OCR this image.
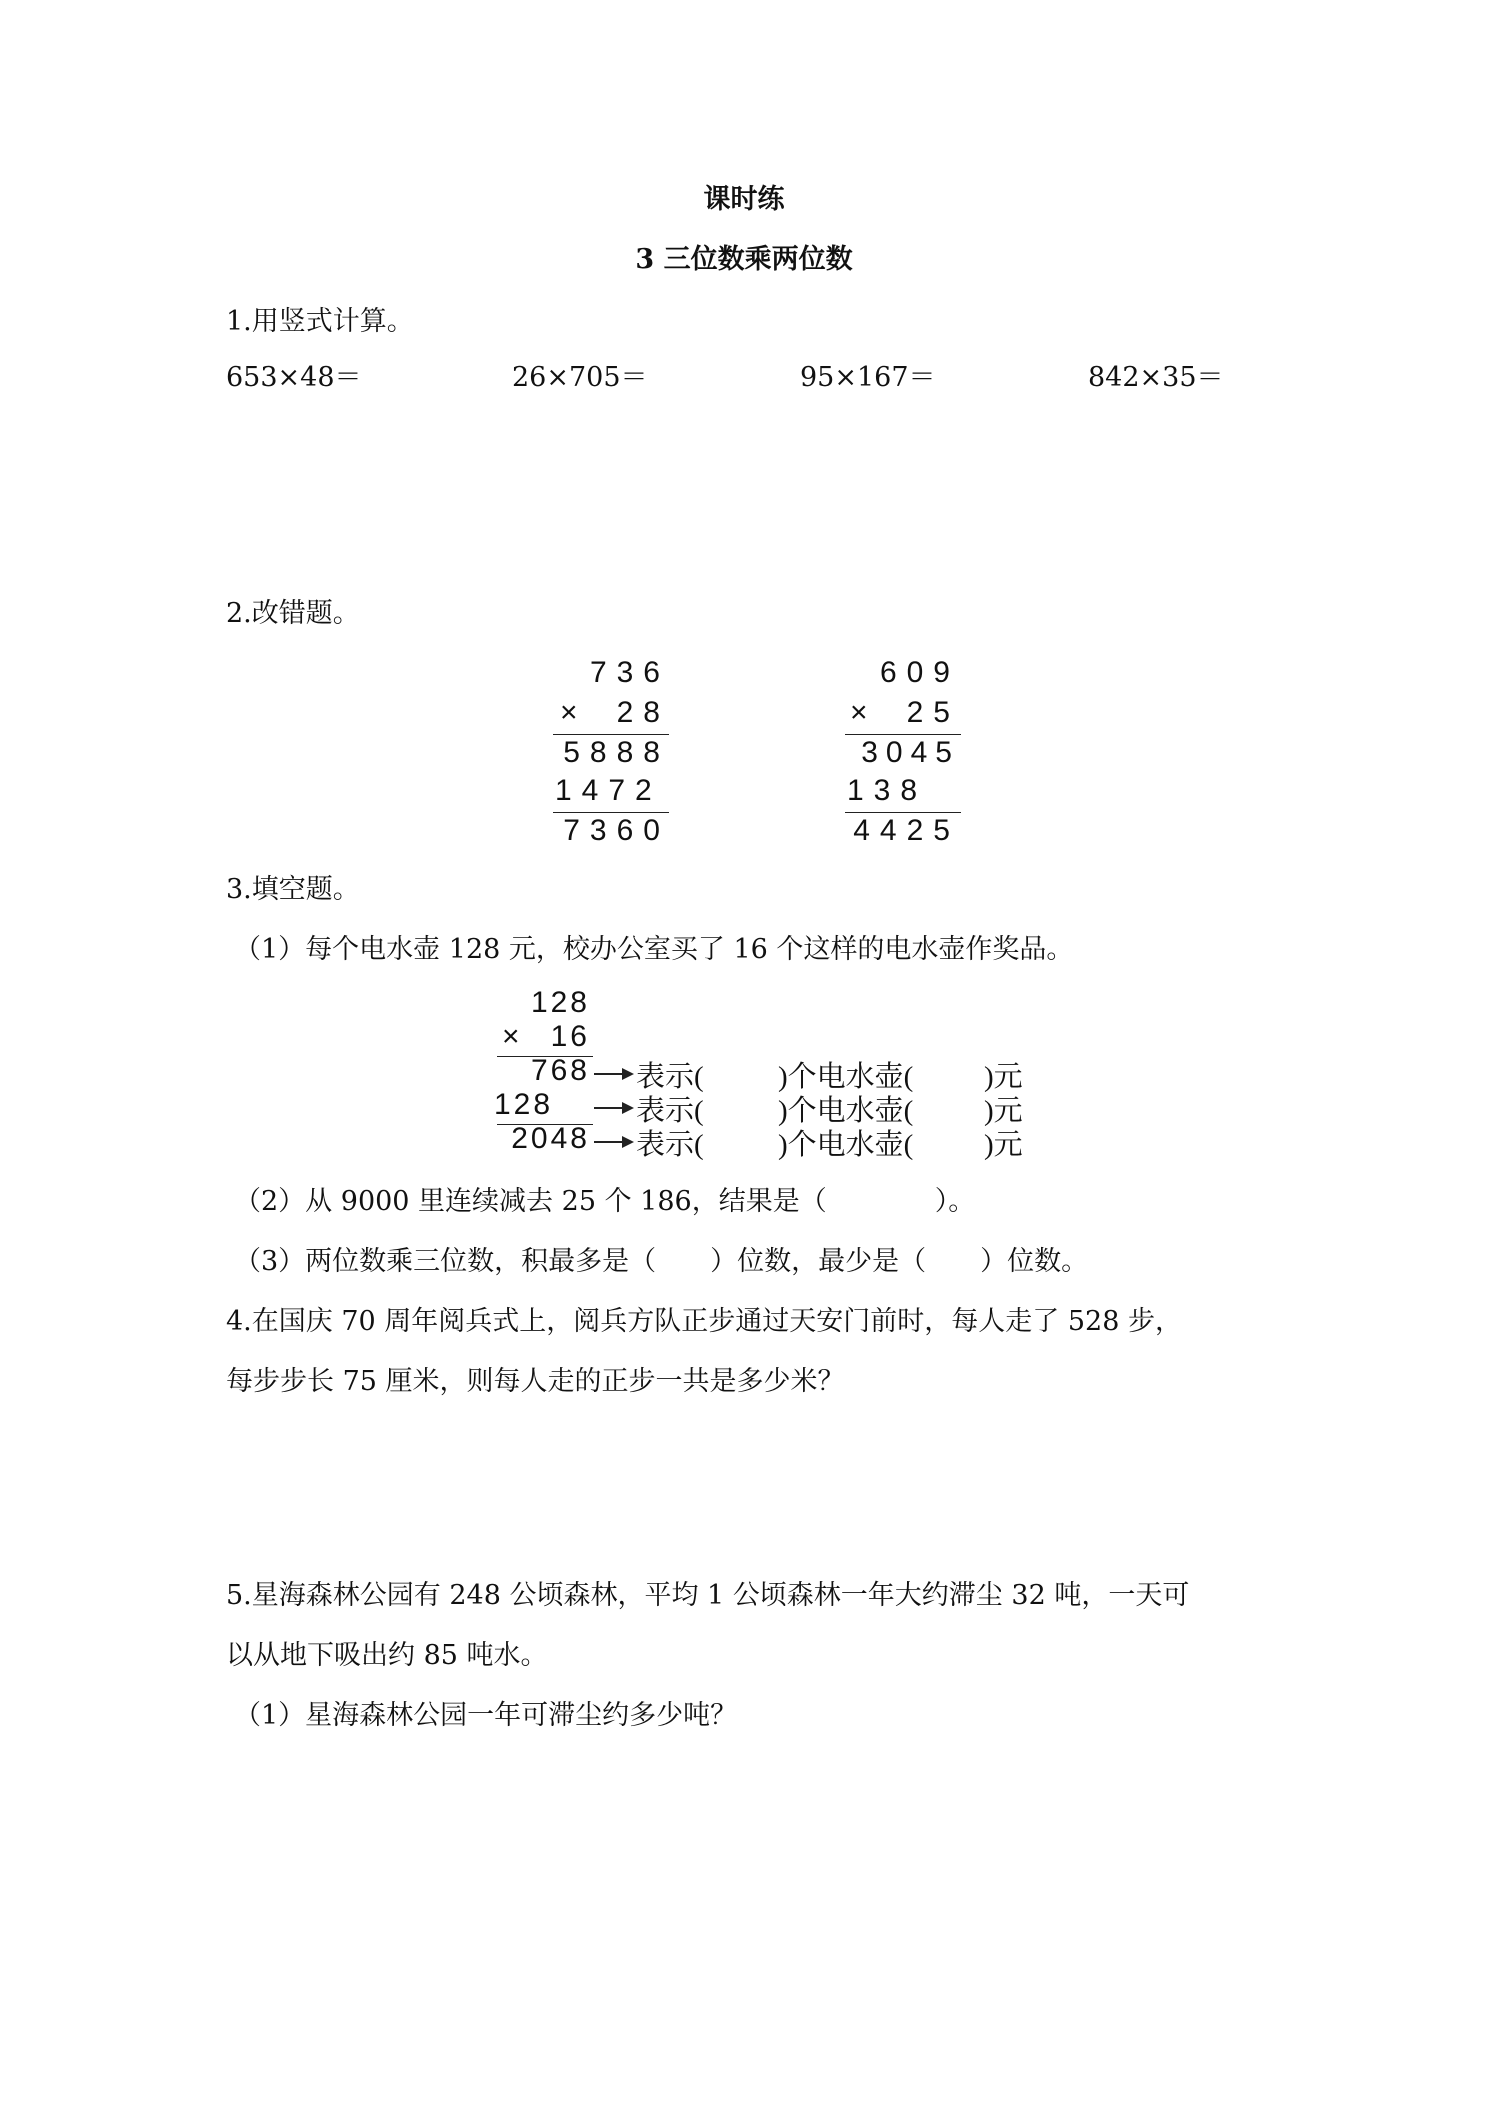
课时练
3 三位数乘两位数
1.用竖式计算。
653×48＝	26×705＝	95×167＝	842×35＝
2.改错题。
736
× 28
5888
1472
7360
609
× 25
3045
138
4425
3.填空题。
（1）每个电水壶 128 元，校办公室买了 16 个这样的电水壶作奖品。
128
× 16
768
128
2048
表示(	)个电水壶( )元
表示(	)个电水壶( )元
表示(	)个电水壶( )元
（2）从 9000 里连续减去 25 个 186，结果是（　　　　）。
（3）两位数乘三位数，积最多是（　　）位数，最少是（　　）位数。
4.在国庆 70 周年阅兵式上，阅兵方队正步通过天安门前时，每人走了 528 步，
每步步长 75 厘米，则每人走的正步一共是多少米？
5.星海森林公园有 248 公顷森林，平均 1 公顷森林一年大约滞尘 32 吨，一天可
以从地下吸出约 85 吨水。
（1）星海森林公园一年可滞尘约多少吨？
